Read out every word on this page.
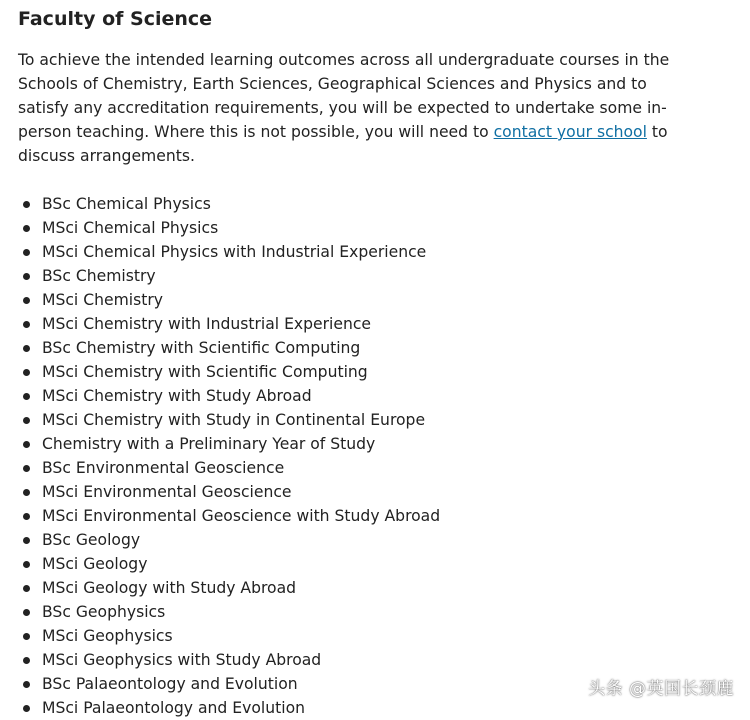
Faculty of Science

To achieve the intended learning outcomes across all undergraduate courses in the Schools of Chemistry, Earth Sciences, Geographical Sciences and Physics and to satisfy any accreditation requirements, you will be expected to undertake some in-person teaching. Where this is not possible, you will need to contact your school to discuss arrangements.

BSc Chemical Physics
MSci Chemical Physics
MSci Chemical Physics with Industrial Experience
BSc Chemistry
MSci Chemistry
MSci Chemistry with Industrial Experience
BSc Chemistry with Scientific Computing
MSci Chemistry with Scientific Computing
MSci Chemistry with Study Abroad
MSci Chemistry with Study in Continental Europe
Chemistry with a Preliminary Year of Study
BSc Environmental Geoscience
MSci Environmental Geoscience
MSci Environmental Geoscience with Study Abroad
BSc Geology
MSci Geology
MSci Geology with Study Abroad
BSc Geophysics
MSci Geophysics
MSci Geophysics with Study Abroad
BSc Palaeontology and Evolution
MSci Palaeontology and Evolution
头条 @英国长颈鹿
